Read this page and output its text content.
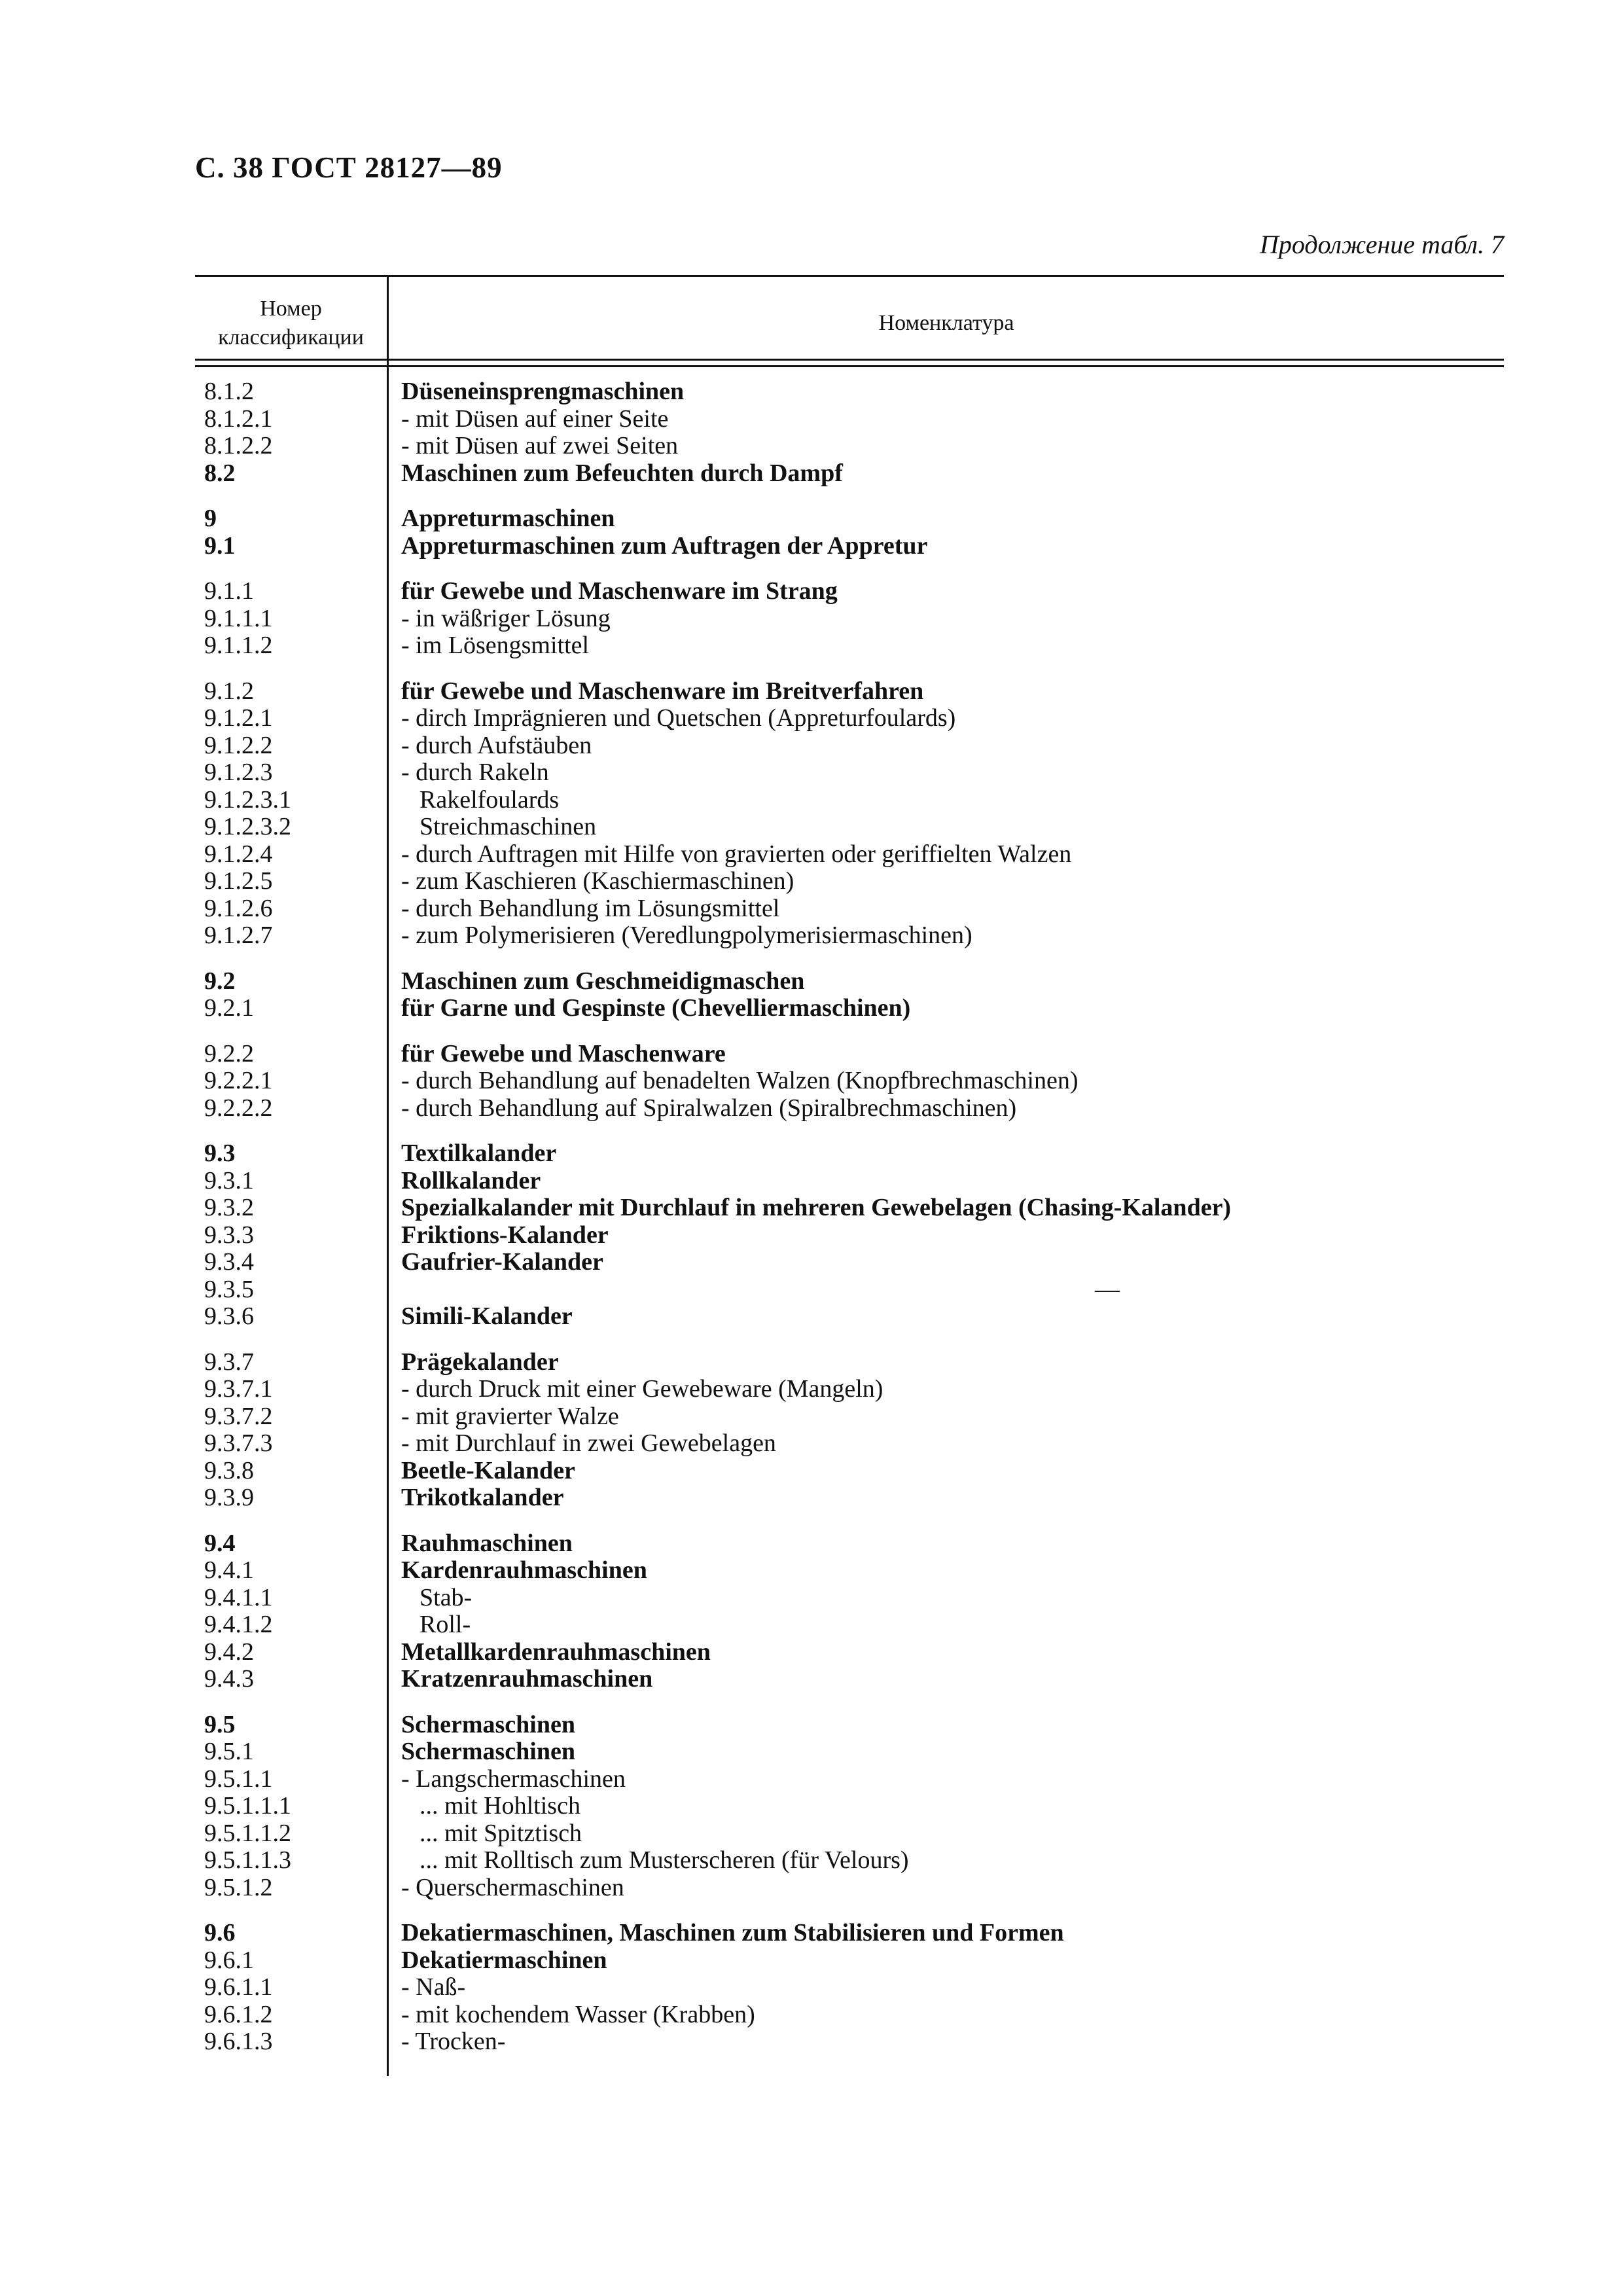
С. 38 ГОСТ 28127—89
Продолжение табл. 7
Номер
классификации
Номенклатура
8.1.2	Düseneinsprengmaschinen
8.1.2.1	- mit Düsen auf einer Seite
8.1.2.2	- mit Düsen auf zwei Seiten
8.2	Maschinen zum Befeuchten durch Dampf
9	Appreturmaschinen
9.1	Appreturmaschinen zum Auftragen der Appretur
9.1.1	für Gewebe und Maschenware im Strang
9.1.1.1	- in wäßriger Lösung
9.1.1.2	- im Lösengsmittel
9.1.2	für Gewebe und Maschenware im Breitverfahren
9.1.2.1	- dirch Imprägnieren und Quetschen (Appreturfoulards)
9.1.2.2	- durch Aufstäuben
9.1.2.3	- durch Rakeln
9.1.2.3.1	Rakelfoulards
9.1.2.3.2	Streichmaschinen
9.1.2.4	- durch Auftragen mit Hilfe von gravierten oder geriffielten Walzen
9.1.2.5	- zum Kaschieren (Kaschiermaschinen)
9.1.2.6	- durch Behandlung im Lösungsmittel
9.1.2.7	- zum Polymerisieren (Veredlungpolymerisiermaschinen)
9.2	Maschinen zum Geschmeidigmaschen
9.2.1	für Garne und Gespinste (Chevelliermaschinen)
9.2.2	für Gewebe und Maschenware
9.2.2.1	- durch Behandlung auf benadelten Walzen (Knopfbrechmaschinen)
9.2.2.2	- durch Behandlung auf Spiralwalzen (Spiralbrechmaschinen)
9.3	Textilkalander
9.3.1	Rollkalander
9.3.2	Spezialkalander mit Durchlauf in mehreren Gewebelagen (Chasing-Kalander)
9.3.3	Friktions-Kalander
9.3.4	Gaufrier-Kalander
9.3.5	—
9.3.6	Simili-Kalander
9.3.7	Prägekalander
9.3.7.1	- durch Druck mit einer Gewebeware (Mangeln)
9.3.7.2	- mit gravierter Walze
9.3.7.3	- mit Durchlauf in zwei Gewebelagen
9.3.8	Beetle-Kalander
9.3.9	Trikotkalander
9.4	Rauhmaschinen
9.4.1	Kardenrauhmaschinen
9.4.1.1	Stab-
9.4.1.2	Roll-
9.4.2	Metallkardenrauhmaschinen
9.4.3	Kratzenrauhmaschinen
9.5	Schermaschinen
9.5.1	Schermaschinen
9.5.1.1	- Langschermaschinen
9.5.1.1.1	... mit Hohltisch
9.5.1.1.2	... mit Spitztisch
9.5.1.1.3	... mit Rolltisch zum Musterscheren (für Velours)
9.5.1.2	- Querschermaschinen
9.6	Dekatiermaschinen, Maschinen zum Stabilisieren und Formen
9.6.1	Dekatiermaschinen
9.6.1.1	- Naß-
9.6.1.2	- mit kochendem Wasser (Krabben)
9.6.1.3	- Trocken-
